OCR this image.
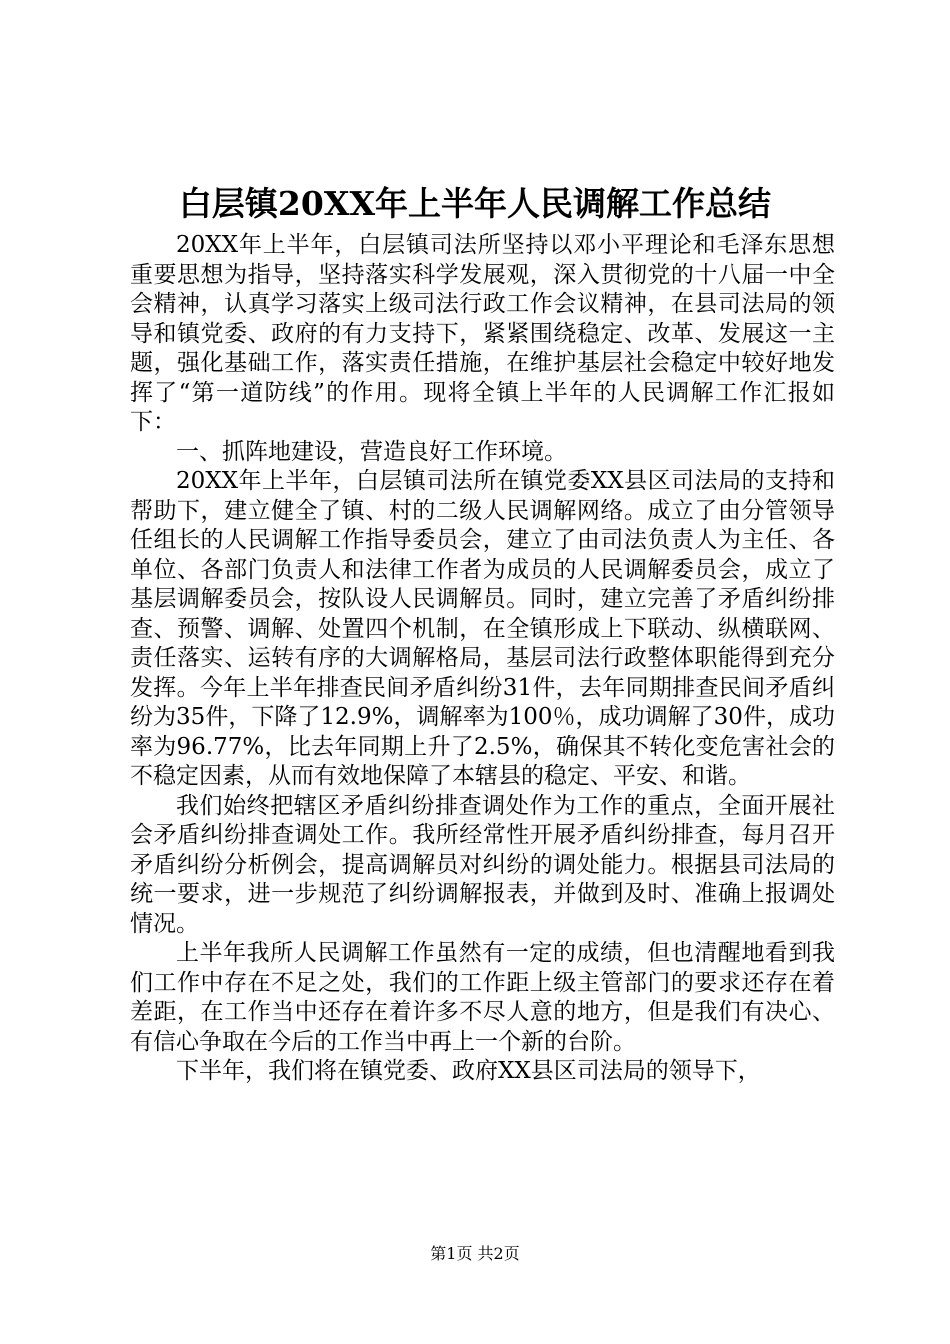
白层镇20XX年上半年人民调解工作总结

20XX年上半年，白层镇司法所坚持以邓小平理论和毛泽东思想重要思想为指导，坚持落实科学发展观，深入贯彻党的十八届一中全会精神，认真学习落实上级司法行政工作会议精神，在县司法局的领导和镇党委、政府的有力支持下，紧紧围绕稳定、改革、发展这一主题，强化基础工作，落实责任措施，在维护基层社会稳定中较好地发挥了“第一道防线”的作用。现将全镇上半年的人民调解工作汇报如下：

一、抓阵地建设，营造良好工作环境。

20XX年上半年，白层镇司法所在镇党委XX县区司法局的支持和帮助下，建立健全了镇、村的二级人民调解网络。成立了由分管领导任组长的人民调解工作指导委员会，建立了由司法负责人为主任、各单位、各部门负责人和法律工作者为成员的人民调解委员会，成立了基层调解委员会，按队设人民调解员。同时，建立完善了矛盾纠纷排查、预警、调解、处置四个机制，在全镇形成上下联动、纵横联网、责任落实、运转有序的大调解格局，基层司法行政整体职能得到充分发挥。今年上半年排查民间矛盾纠纷31件，去年同期排查民间矛盾纠纷为35件，下降了12.9%，调解率为100％，成功调解了30件，成功率为96.77%，比去年同期上升了2.5%，确保其不转化变危害社会的不稳定因素，从而有效地保障了本辖县的稳定、平安、和谐。

我们始终把辖区矛盾纠纷排查调处作为工作的重点，全面开展社会矛盾纠纷排查调处工作。我所经常性开展矛盾纠纷排查，每月召开矛盾纠纷分析例会，提高调解员对纠纷的调处能力。根据县司法局的统一要求，进一步规范了纠纷调解报表，并做到及时、准确上报调处情况。

上半年我所人民调解工作虽然有一定的成绩，但也清醒地看到我们工作中存在不足之处，我们的工作距上级主管部门的要求还存在着差距，在工作当中还存在着许多不尽人意的地方，但是我们有决心、有信心争取在今后的工作当中再上一个新的台阶。

下半年，我们将在镇党委、政府XX县区司法局的领导下，

第1页 共2页
